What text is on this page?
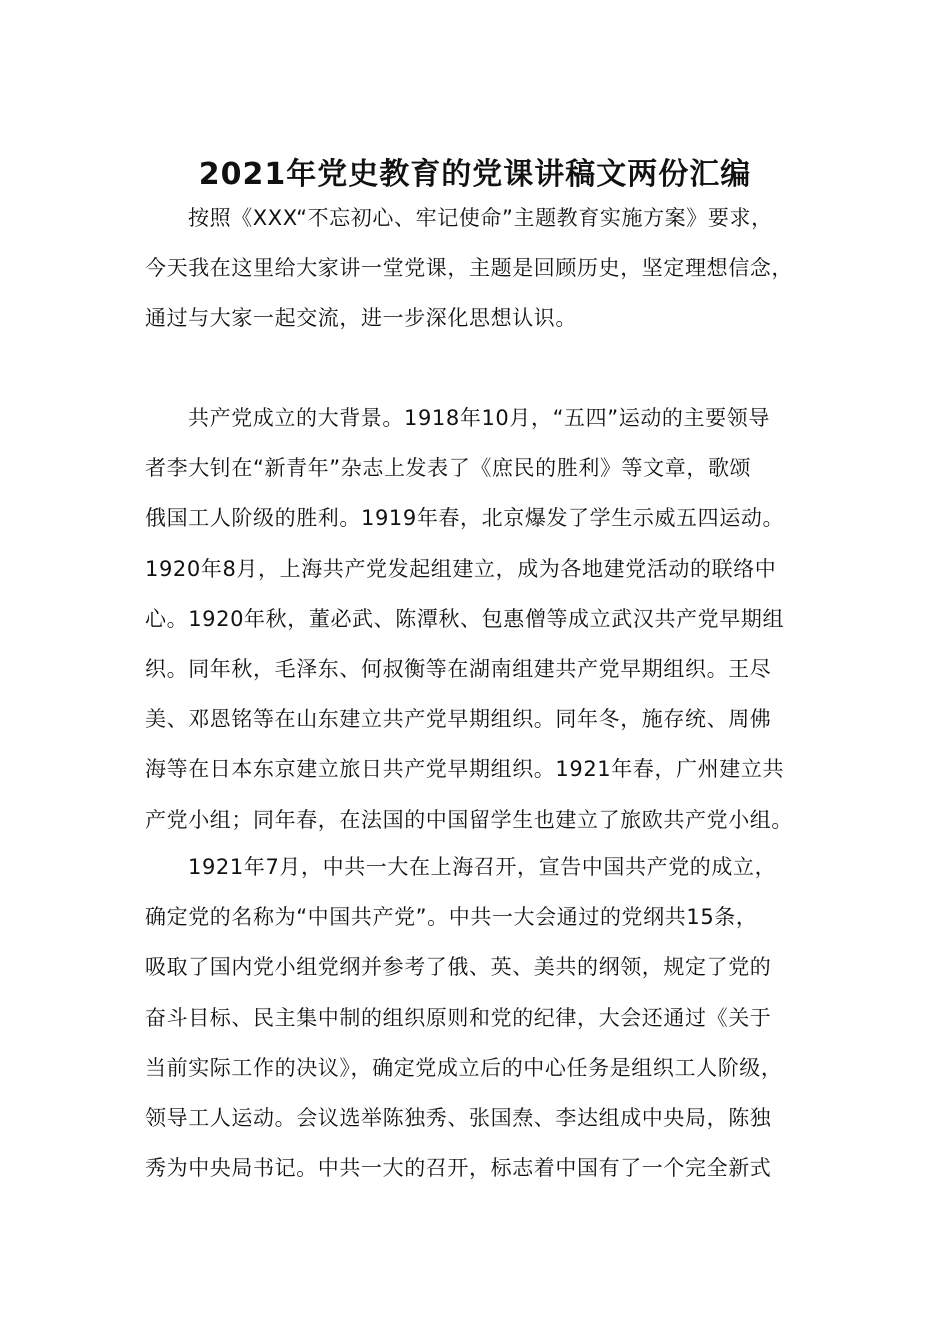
2021年党史教育的党课讲稿文两份汇编

按照《XXX“不忘初心、牢记使命”主题教育实施方案》要求，
今天我在这里给大家讲一堂党课，主题是回顾历史，坚定理想信念，
通过与大家一起交流，进一步深化思想认识。

共产党成立的大背景。1918年10月，“五四”运动的主要领导
者李大钊在“新青年”杂志上发表了《庶民的胜利》等文章，歌颂
俄国工人阶级的胜利。1919年春，北京爆发了学生示威五四运动。
1920年8月，上海共产党发起组建立，成为各地建党活动的联络中
心。1920年秋，董必武、陈潭秋、包惠僧等成立武汉共产党早期组
织。同年秋，毛泽东、何叔衡等在湖南组建共产党早期组织。王尽
美、邓恩铭等在山东建立共产党早期组织。同年冬，施存统、周佛
海等在日本东京建立旅日共产党早期组织。1921年春，广州建立共
产党小组；同年春，在法国的中国留学生也建立了旅欧共产党小组。

1921年7月，中共一大在上海召开，宣告中国共产党的成立，
确定党的名称为“中国共产党”。中共一大会通过的党纲共15条，
吸取了国内党小组党纲并参考了俄、英、美共的纲领，规定了党的
奋斗目标、民主集中制的组织原则和党的纪律，大会还通过《关于
当前实际工作的决议》，确定党成立后的中心任务是组织工人阶级，
领导工人运动。会议选举陈独秀、张国焘、李达组成中央局，陈独
秀为中央局书记。中共一大的召开，标志着中国有了一个完全新式
